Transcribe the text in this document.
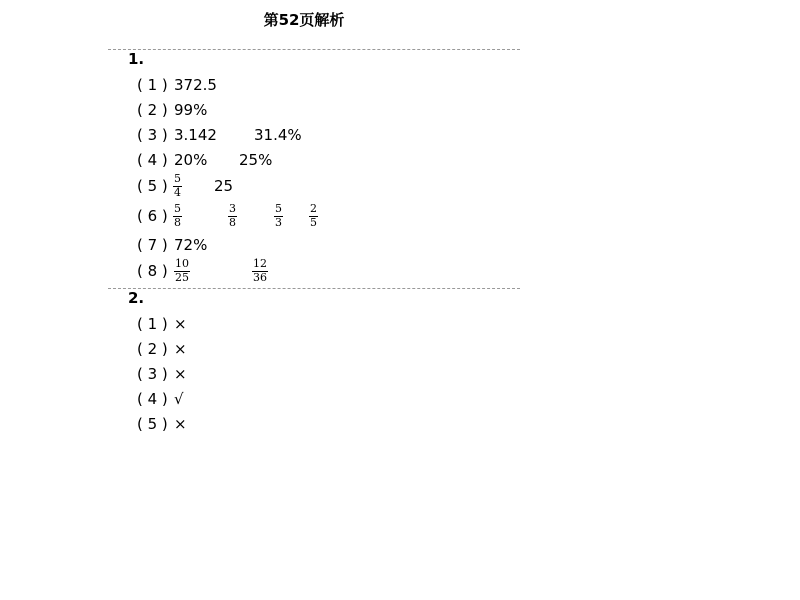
第52页解析
1.
( 1 ) 372.5
( 2 ) 99%
( 3 ) 3.142 31.4%
( 4 ) 20% 25%
( 5 ) 5
4 25
( 6 ) 5
8
3
8
5
3
2
5
( 7 ) 72%
( 8 ) 10
25
12
36
2.
( 1 ) ×
( 2 ) ×
( 3 ) ×
( 4 ) √
( 5 ) ×
